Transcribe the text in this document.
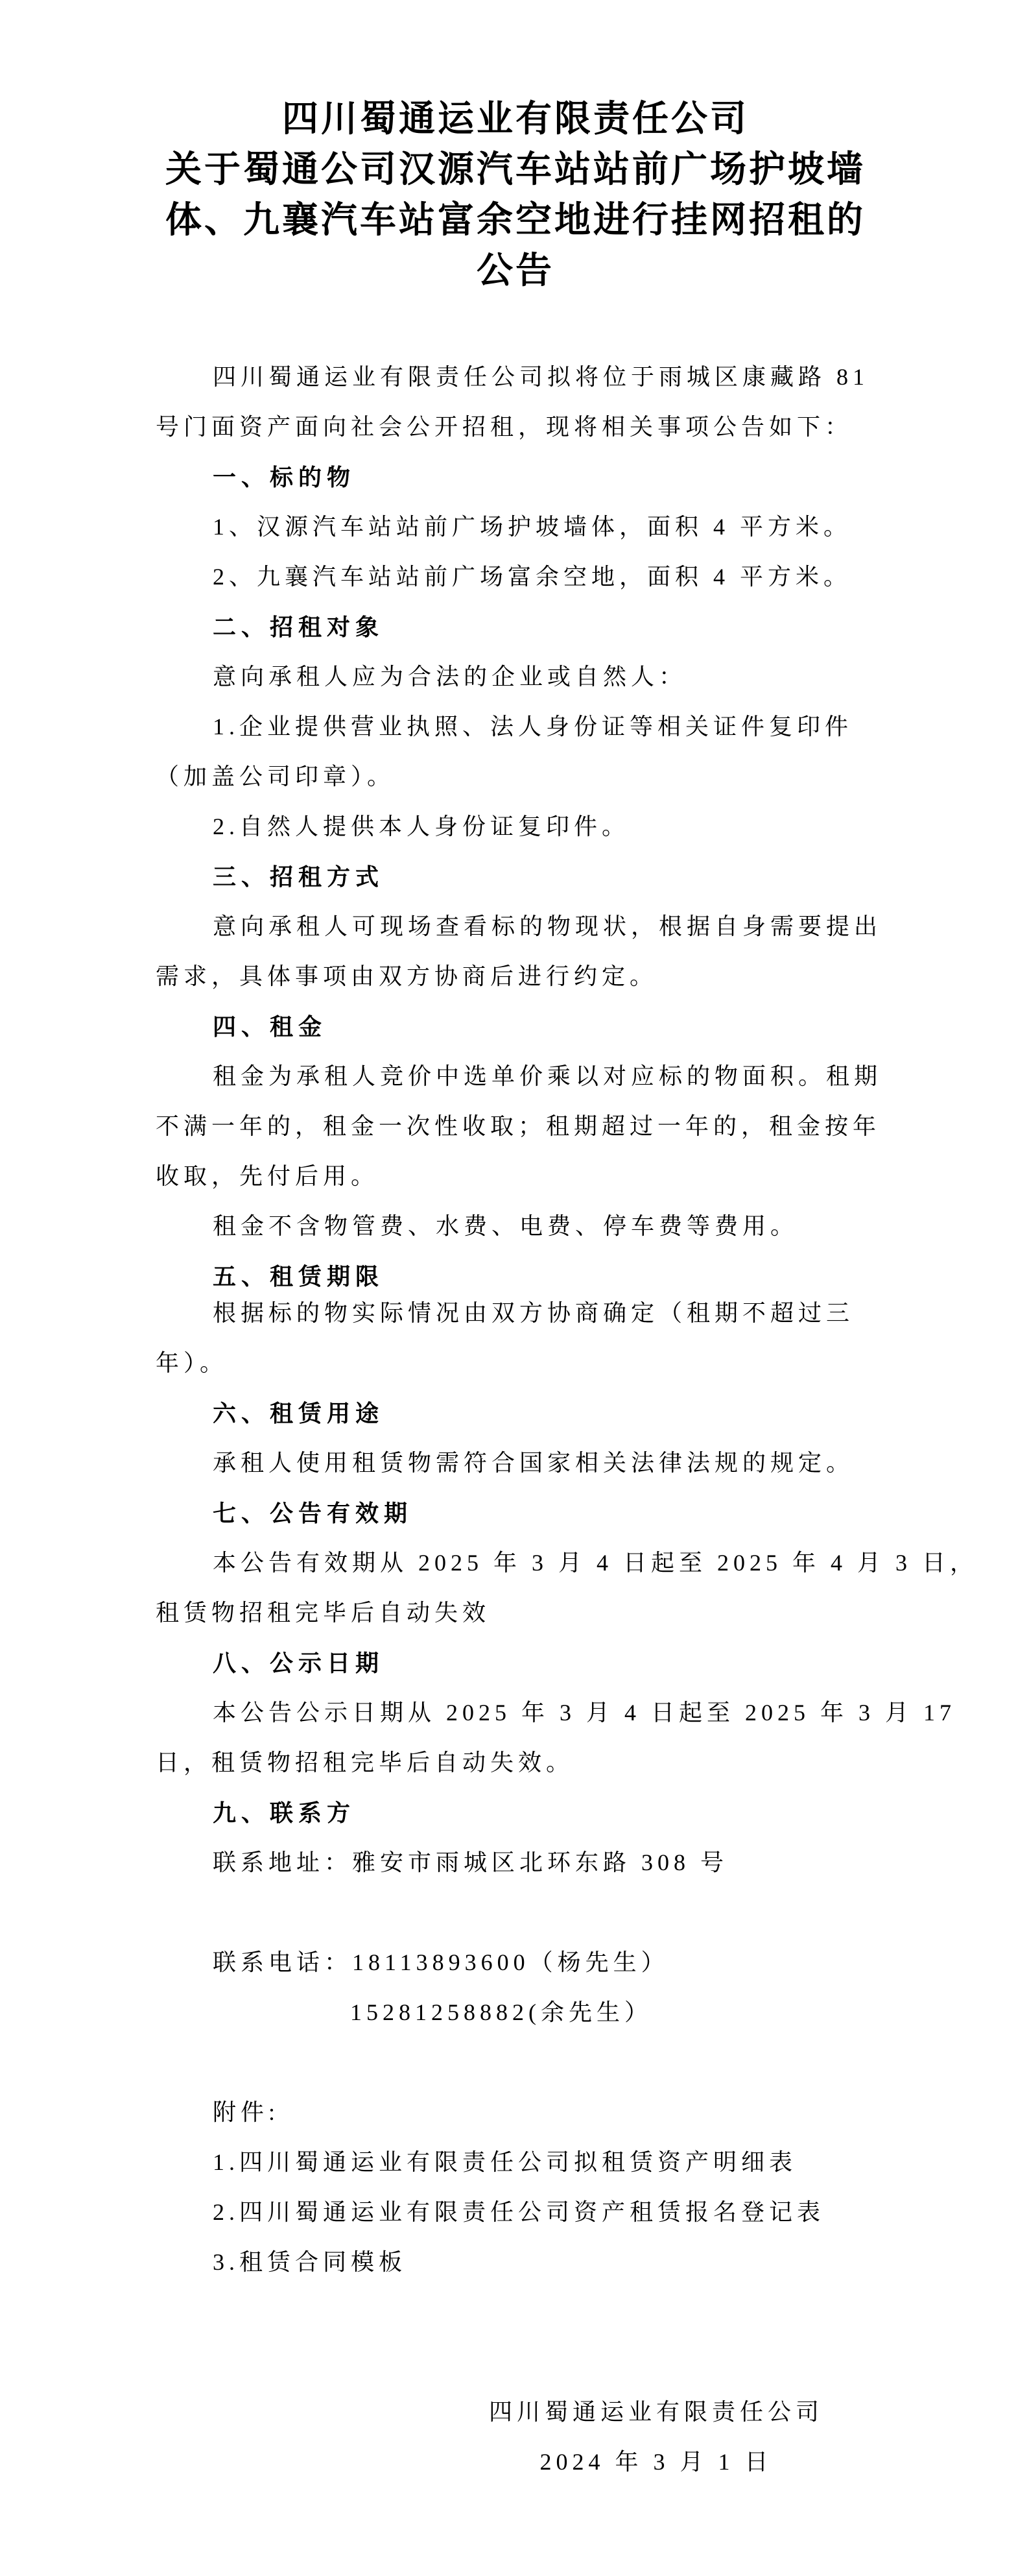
四川蜀通运业有限责任公司
关于蜀通公司汉源汽车站站前广场护坡墙
体、九襄汽车站富余空地进行挂网招租的
公告
四川蜀通运业有限责任公司拟将位于雨城区康藏路 81
号门面资产面向社会公开招租，现将相关事项公告如下：
一、标的物
1、汉源汽车站站前广场护坡墙体，面积 4 平方米。
2、九襄汽车站站前广场富余空地，面积 4 平方米。
二、招租对象
意向承租人应为合法的企业或自然人：
1.企业提供营业执照、法人身份证等相关证件复印件
（加盖公司印章）。
2.自然人提供本人身份证复印件。
三、招租方式
意向承租人可现场查看标的物现状，根据自身需要提出
需求，具体事项由双方协商后进行约定。
四、租金
租金为承租人竞价中选单价乘以对应标的物面积。租期
不满一年的，租金一次性收取；租期超过一年的，租金按年
收取，先付后用。
租金不含物管费、水费、电费、停车费等费用。
五、租赁期限
根据标的物实际情况由双方协商确定（租期不超过三
年）。
六、租赁用途
承租人使用租赁物需符合国家相关法律法规的规定。
七、公告有效期
本公告有效期从 2025 年 3 月 4 日起至 2025 年 4 月 3 日，
租赁物招租完毕后自动失效
八、公示日期
本公告公示日期从 2025 年 3 月 4 日起至 2025 年 3 月 17
日，租赁物招租完毕后自动失效。
九、联系方
联系地址：雅安市雨城区北环东路 308 号

联系电话：18113893600（杨先生）
15281258882(余先生）

附件:
1.四川蜀通运业有限责任公司拟租赁资产明细表
2.四川蜀通运业有限责任公司资产租赁报名登记表
3.租赁合同模板

四川蜀通运业有限责任公司
2024 年 3 月 1 日
